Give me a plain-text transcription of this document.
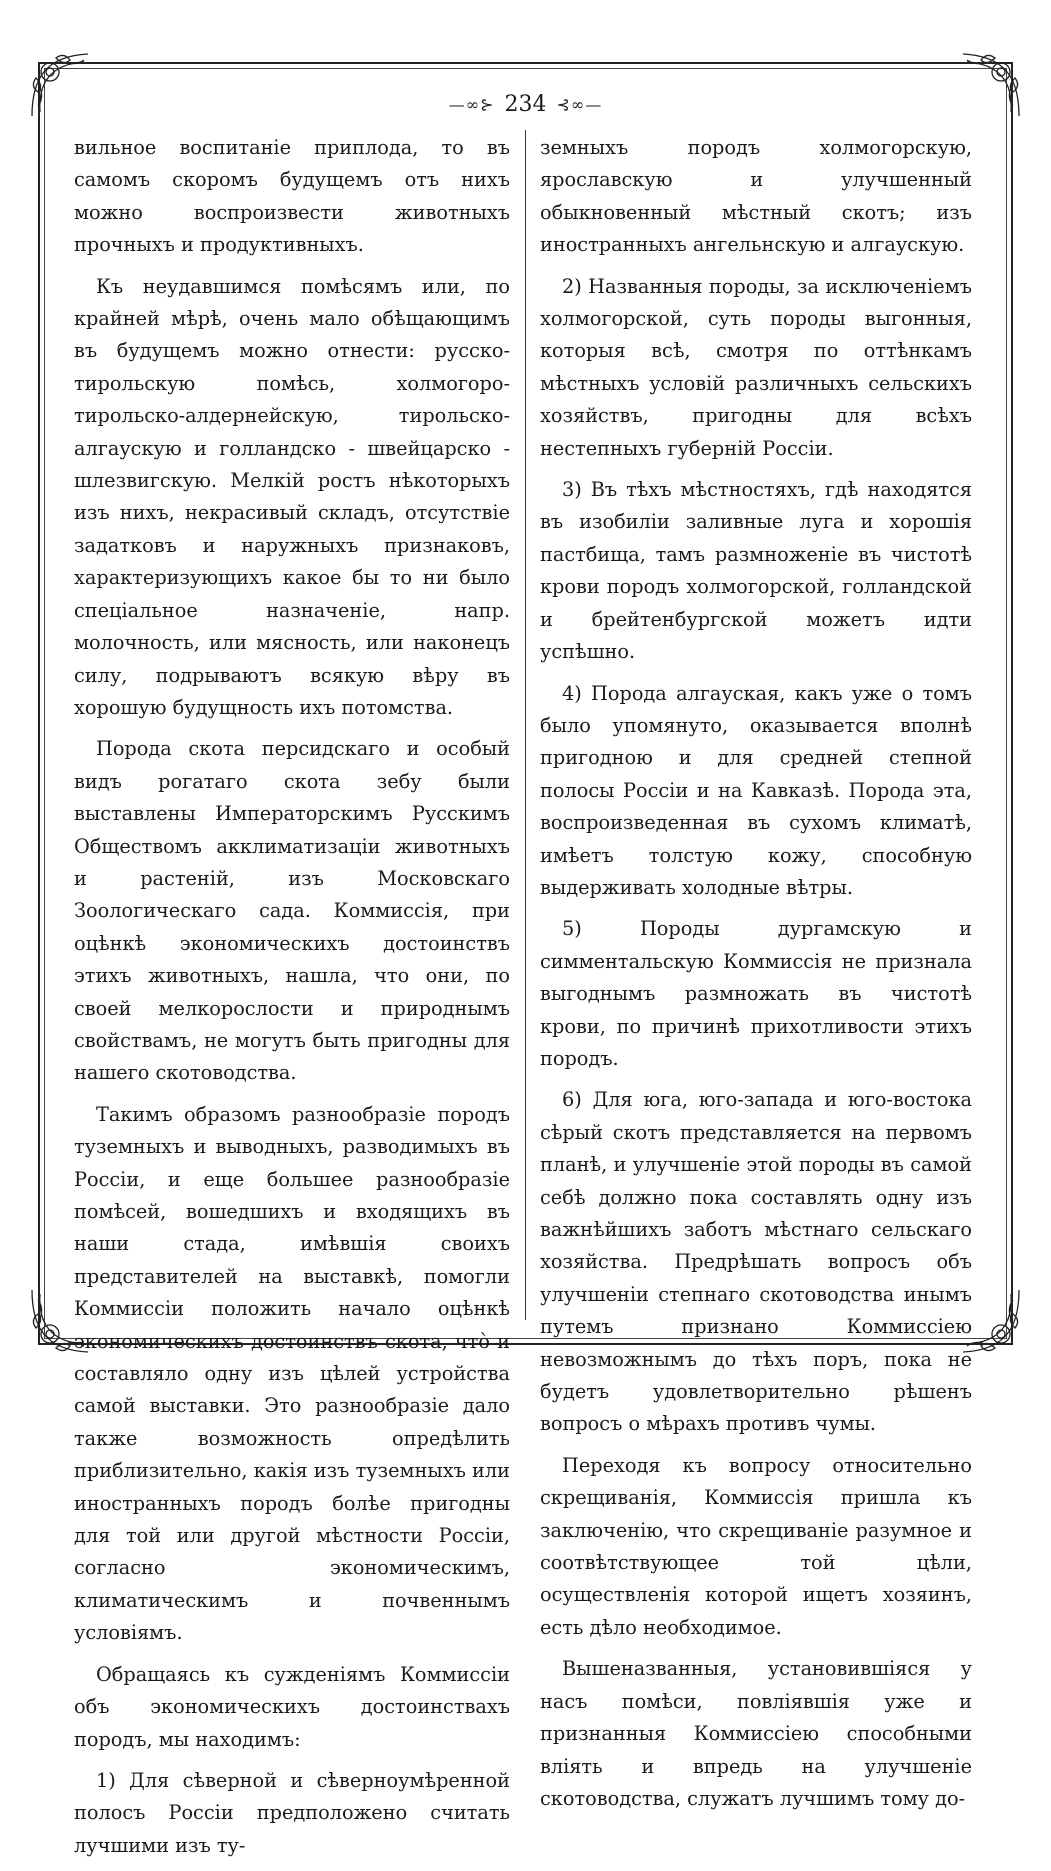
—∞⊱ 234 ⊰∞—

вильное воспитаніе приплода, то въ самомъ скоромъ будущемъ отъ нихъ можно воспроизвести животныхъ прочныхъ и продуктивныхъ.

Къ неудавшимся помѣсямъ или, по крайней мѣрѣ, очень мало обѣщающимъ въ будущемъ можно отнести: русско-тирольскую помѣсь, холмогоро-тирольско-алдернейскую, тирольско-алгаускую и голландско - швейцарско - шлезвигскую. Мелкій ростъ нѣкоторыхъ изъ нихъ, некрасивый складъ, отсутствіе задатковъ и наружныхъ признаковъ, характеризующихъ какое бы то ни было спеціальное назначеніе, напр. молочность, или мясность, или наконецъ силу, подрываютъ всякую вѣру въ хорошую будущность ихъ потомства.

Порода скота персидскаго и особый видъ рогатаго скота зебу были выставлены Императорскимъ Русскимъ Обществомъ акклиматизаціи животныхъ и растеній, изъ Московскаго Зоологическаго сада. Коммиссія, при оцѣнкѣ экономическихъ достоинствъ этихъ животныхъ, нашла, что они, по своей мелкорослости и природнымъ свойствамъ, не могутъ быть пригодны для нашего скотоводства.

Такимъ образомъ разнообразіе породъ туземныхъ и выводныхъ, разводимыхъ въ Россіи, и еще большее разнообразіе помѣсей, вошедшихъ и входящихъ въ наши стада, имѣвшія своихъ представителей на выставкѣ, помогли Коммиссіи положить начало оцѣнкѣ экономическихъ достоинствъ скота, чтò и составляло одну изъ цѣлей устройства самой выставки. Это разнообразіе дало также возможность опредѣлить приблизительно, какія изъ туземныхъ или иностранныхъ породъ болѣе пригодны для той или другой мѣстности Россіи, согласно экономическимъ, климатическимъ и почвеннымъ условіямъ.

Обращаясь къ сужденіямъ Коммиссіи объ экономическихъ достоинствахъ породъ, мы находимъ:

1) Для сѣверной и сѣверноумѣренной полосъ Россіи предположено считать лучшими изъ ту-

земныхъ породъ холмогорскую, ярославскую и улучшенный обыкновенный мѣстный скотъ; изъ иностранныхъ ангельнскую и алгаускую.

2) Названныя породы, за исключеніемъ холмогорской, суть породы выгонныя, которыя всѣ, смотря по оттѣнкамъ мѣстныхъ условій различныхъ сельскихъ хозяйствъ, пригодны для всѣхъ нестепныхъ губерній Россіи.

3) Въ тѣхъ мѣстностяхъ, гдѣ находятся въ изобиліи заливные луга и хорошія пастбища, тамъ размноженіе въ чистотѣ крови породъ холмогорской, голландской и брейтенбургской можетъ идти успѣшно.

4) Порода алгауская, какъ уже о томъ было упомянуто, оказывается вполнѣ пригодною и для средней степной полосы Россіи и на Кавказѣ. Порода эта, воспроизведенная въ сухомъ климатѣ, имѣетъ толстую кожу, способную выдерживать холодные вѣтры.

5) Породы дургамскую и симментальскую Коммиссія не признала выгоднымъ размножать въ чистотѣ крови, по причинѣ прихотливости этихъ породъ.

6) Для юга, юго-запада и юго-востока сѣрый скотъ представляется на первомъ планѣ, и улучшеніе этой породы въ самой себѣ должно пока составлять одну изъ важнѣйшихъ заботъ мѣстнаго сельскаго хозяйства. Предрѣшать вопросъ объ улучшеніи степнаго скотоводства инымъ путемъ признано Коммиссіею невозможнымъ до тѣхъ поръ, пока не будетъ удовлетворительно рѣшенъ вопросъ о мѣрахъ противъ чумы.

Переходя къ вопросу относительно скрещиванія, Коммиссія пришла къ заключенію, что скрещиваніе разумное и соотвѣтствующее той цѣли, осуществленія которой ищетъ хозяинъ, есть дѣло необходимое.

Вышеназванныя, установившіяся у насъ помѣси, повліявшія уже и признанныя Коммиссіею способными вліять и впредь на улучшеніе скотоводства, служатъ лучшимъ тому до-
